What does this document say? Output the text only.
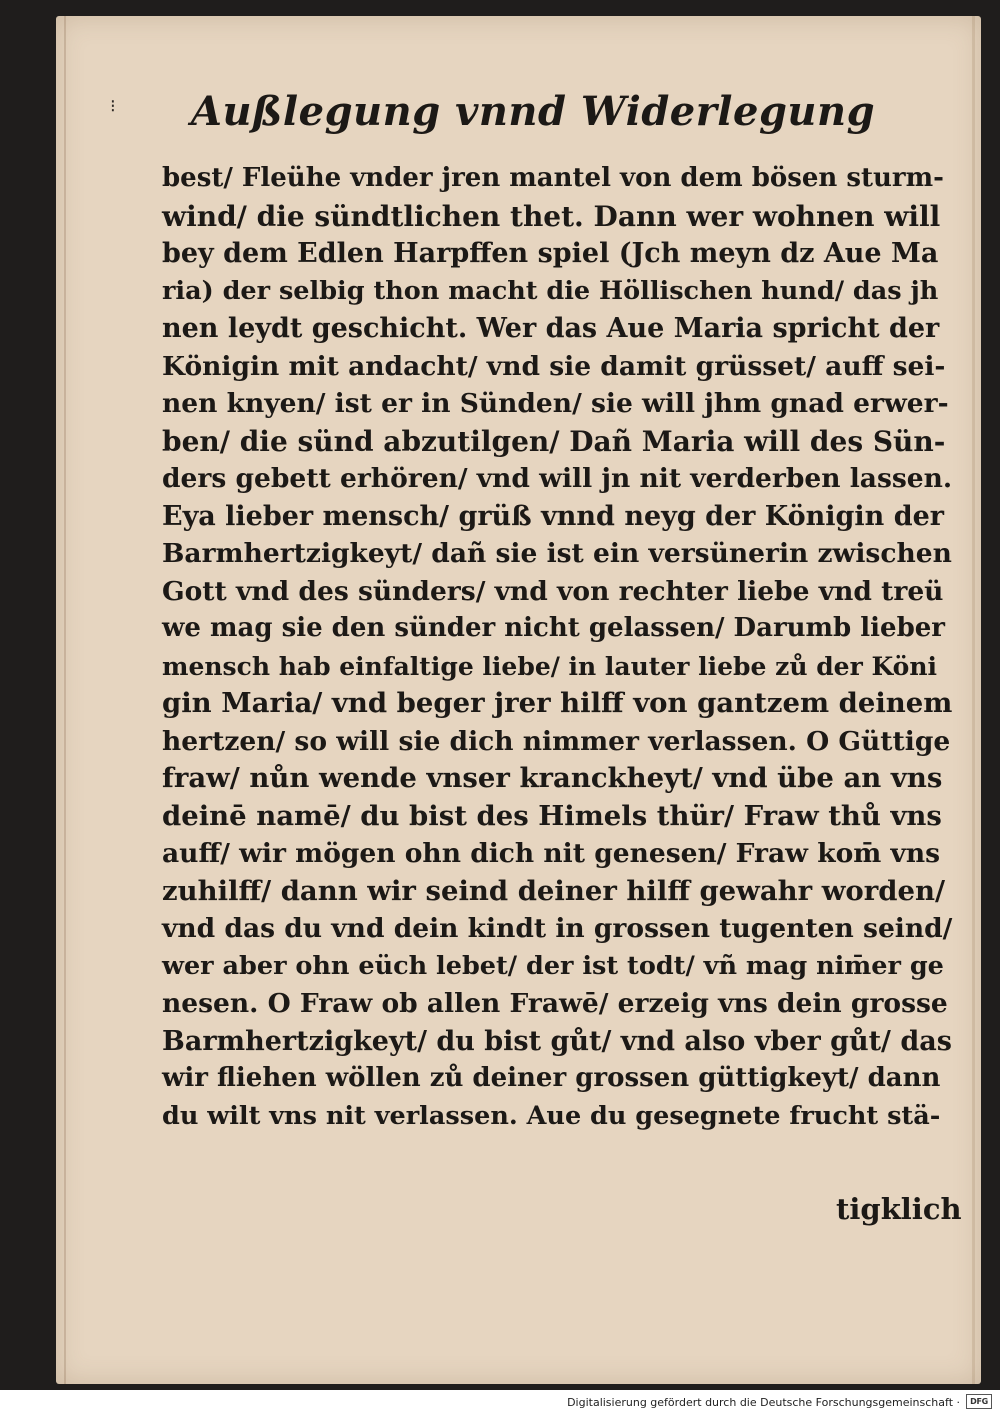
⁝ Außlegung vnnd Widerlegung
best/ Fleühe vnder jren mantel von dem bösen sturm-
wind/ die sündtlichen thet. Dann wer wohnen will
bey dem Edlen Harpffen spiel (Jch meyn dz Aue Ma
ria) der selbig thon macht die Höllischen hund/ das jh
nen leydt geschicht. Wer das Aue Maria spricht der
Königin mit andacht/ vnd sie damit grüsset/ auff sei-
nen knyen/ ist er in Sünden/ sie will jhm gnad erwer-
ben/ die sünd abzutilgen/ Dañ Maria will des Sün-
ders gebett erhören/ vnd will jn nit verderben lassen.
Eya lieber mensch/ grüß vnnd neyg der Königin der
Barmhertzigkeyt/ dañ sie ist ein versünerin zwischen
Gott vnd des sünders/ vnd von rechter liebe vnd treü
we mag sie den sünder nicht gelassen/ Darumb lieber
mensch hab einfaltige liebe/ in lauter liebe zů der Köni
gin Maria/ vnd beger jrer hilff von gantzem deinem
hertzen/ so will sie dich nimmer verlassen. O Güttige
fraw/ nůn wende vnser kranckheyt/ vnd übe an vns
deinē namē/ du bist des Himels thür/ Fraw thů vns
auff/ wir mögen ohn dich nit genesen/ Fraw kom̄ vns
zuhilff/ dann wir seind deiner hilff gewahr worden/
vnd das du vnd dein kindt in grossen tugenten seind/
wer aber ohn eüch lebet/ der ist todt/ vñ mag nim̄er ge
nesen. O Fraw ob allen Frawē/ erzeig vns dein grosse
Barmhertzigkeyt/ du bist gůt/ vnd also vber gůt/ das
wir fliehen wöllen zů deiner grossen güttigkeyt/ dann
du wilt vns nit verlassen. Aue du gesegnete frucht stä-
tigklich
Digitalisierung gefördert durch die Deutsche Forschungsgemeinschaft ·	DFG
